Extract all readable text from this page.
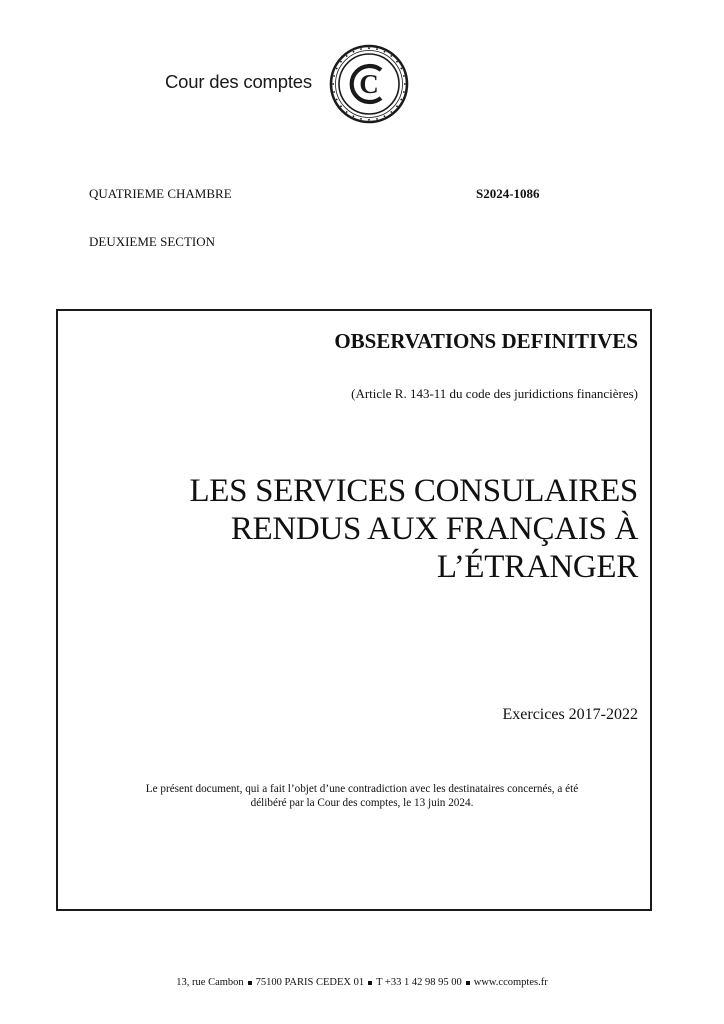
Cour des comptes C
QUATRIEME CHAMBRE
DEUXIEME SECTION
S2024-1086
OBSERVATIONS DEFINITIVES
(Article R. 143-11 du code des juridictions financières)
LES SERVICES CONSULAIRES
RENDUS AUX FRANÇAIS À
L’ÉTRANGER
Exercices 2017-2022
Le présent document, qui a fait l’objet d’une contradiction avec les destinataires concernés, a été
délibéré par la Cour des comptes, le 13 juin 2024.
13, rue Cambon 75100 PARIS CEDEX 01 T +33 1 42 98 95 00 www.ccomptes.fr
